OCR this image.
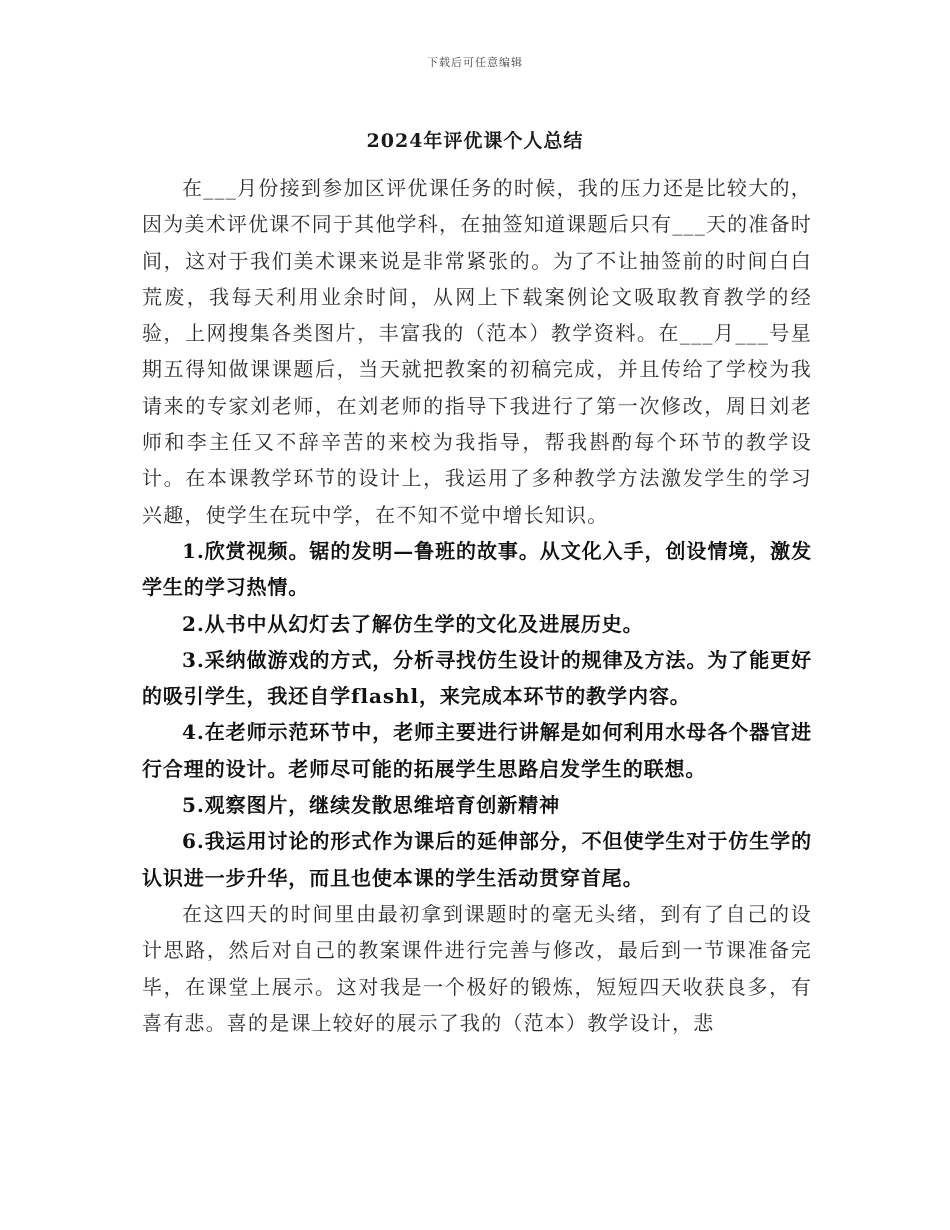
下载后可任意编辑
2024年评优课个人总结

在___月份接到参加区评优课任务的时候，我的压力还是比较大的，因为美术评优课不同于其他学科，在抽签知道课题后只有___天的准备时间，这对于我们美术课来说是非常紧张的。为了不让抽签前的时间白白荒废，我每天利用业余时间，从网上下载案例论文吸取教育教学的经验，上网搜集各类图片，丰富我的（范本）教学资料。在___月___号星期五得知做课课题后，当天就把教案的初稿完成，并且传给了学校为我请来的专家刘老师，在刘老师的指导下我进行了第一次修改，周日刘老师和李主任又不辞辛苦的来校为我指导，帮我斟酌每个环节的教学设计。在本课教学环节的设计上，我运用了多种教学方法激发学生的学习兴趣，使学生在玩中学，在不知不觉中增长知识。

1.欣赏视频。锯的发明—鲁班的故事。从文化入手，创设情境，激发学生的学习热情。

2.从书中从幻灯去了解仿生学的文化及进展历史。

3.采纳做游戏的方式，分析寻找仿生设计的规律及方法。为了能更好的吸引学生，我还自学flashl，来完成本环节的教学内容。

4.在老师示范环节中，老师主要进行讲解是如何利用水母各个器官进行合理的设计。老师尽可能的拓展学生思路启发学生的联想。

5.观察图片，继续发散思维培育创新精神

6.我运用讨论的形式作为课后的延伸部分，不但使学生对于仿生学的认识进一步升华，而且也使本课的学生活动贯穿首尾。

在这四天的时间里由最初拿到课题时的毫无头绪，到有了自己的设计思路，然后对自己的教案课件进行完善与修改，最后到一节课准备完毕，在课堂上展示。这对我是一个极好的锻炼，短短四天收获良多，有喜有悲。喜的是课上较好的展示了我的（范本）教学设计，悲
